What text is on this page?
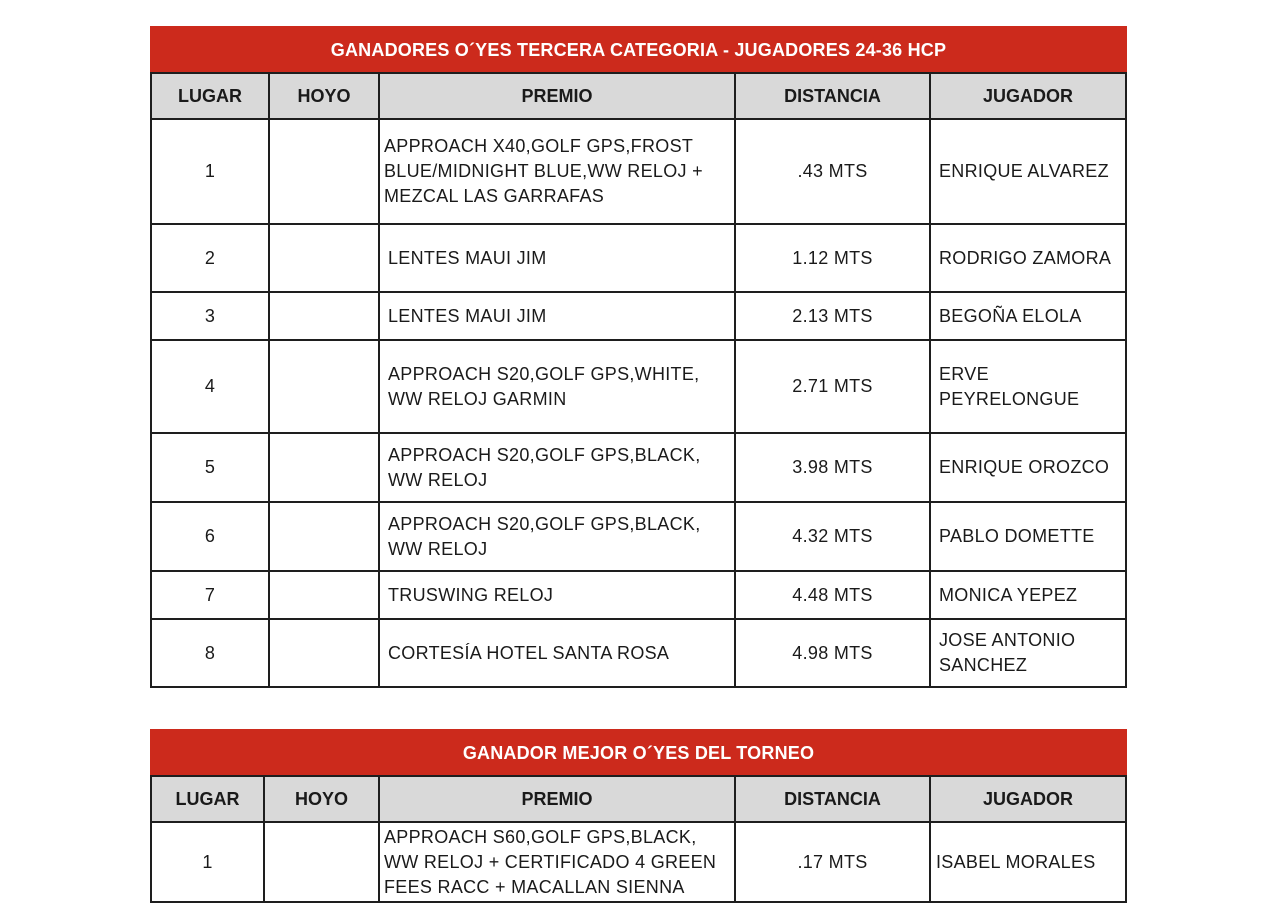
GANADORES O´YES TERCERA CATEGORIA - JUGADORES 24-36 HCP				
LUGAR	HOYO	PREMIO	DISTANCIA	JUGADOR
1		APPROACH X40,GOLF GPS,FROST BLUE/MIDNIGHT BLUE,WW RELOJ + MEZCAL LAS GARRAFAS	.43 MTS	ENRIQUE ALVAREZ
2		LENTES MAUI JIM	1.12 MTS	RODRIGO ZAMORA
3		LENTES MAUI JIM	2.13 MTS	BEGOÑA ELOLA
4		APPROACH S20,GOLF GPS,WHITE, WW RELOJ GARMIN	2.71 MTS	ERVE PEYRELONGUE
5		APPROACH S20,GOLF GPS,BLACK, WW RELOJ	3.98 MTS	ENRIQUE OROZCO
6		APPROACH S20,GOLF GPS,BLACK, WW RELOJ	4.32 MTS	PABLO DOMETTE
7		TRUSWING RELOJ	4.48 MTS	MONICA YEPEZ
8		CORTESÍA HOTEL SANTA ROSA	4.98 MTS	JOSE ANTONIO SANCHEZ
GANADOR MEJOR O´YES DEL TORNEO				
LUGAR	HOYO	PREMIO	DISTANCIA	JUGADOR
1		APPROACH S60,GOLF GPS,BLACK, WW RELOJ + CERTIFICADO 4 GREEN FEES RACC + MACALLAN SIENNA	.17 MTS	ISABEL MORALES
